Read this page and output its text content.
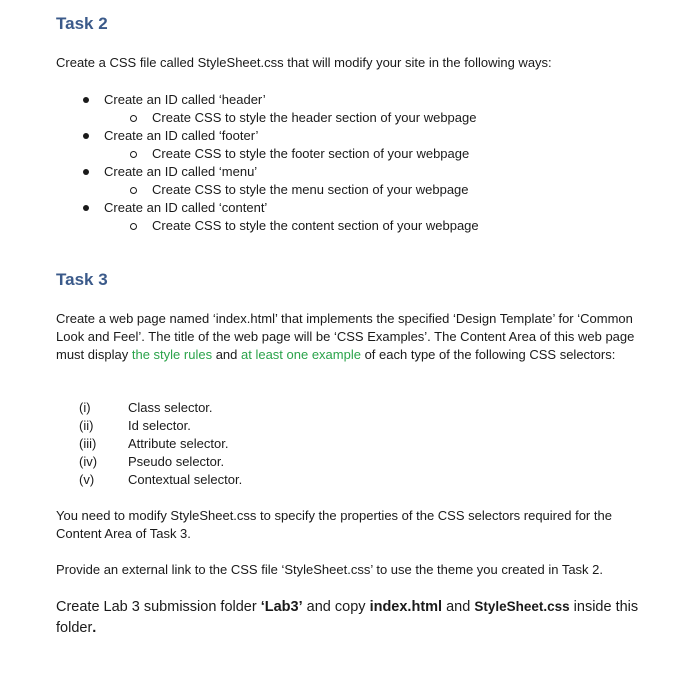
Task 2

Create a CSS file called StyleSheet.css that will modify your site in the following ways:

Create an ID called ‘header’
Create CSS to style the header section of your webpage
Create an ID called ‘footer’
Create CSS to style the footer section of your webpage
Create an ID called ‘menu’
Create CSS to style the menu section of your webpage
Create an ID called ‘content’
Create CSS to style the content section of your webpage
Task 3

Create a web page named ‘index.html’ that implements the specified ‘Design Template’ for ‘Common Look and Feel’. The title of the web page will be ‘CSS Examples’. The Content Area of this web page must display the style rules and at least one example of each type of the following CSS selectors:

(i)	Class selector.
(ii)	Id selector.
(iii) Attribute selector.
(iv) Pseudo selector.
(v)	Contextual selector.

You need to modify StyleSheet.css to specify the properties of the CSS selectors required for the Content Area of Task 3.

Provide an external link to the CSS file ‘StyleSheet.css’ to use the theme you created in Task 2.

Create Lab 3 submission folder ‘Lab3’ and copy index.html and StyleSheet.css inside this folder.
